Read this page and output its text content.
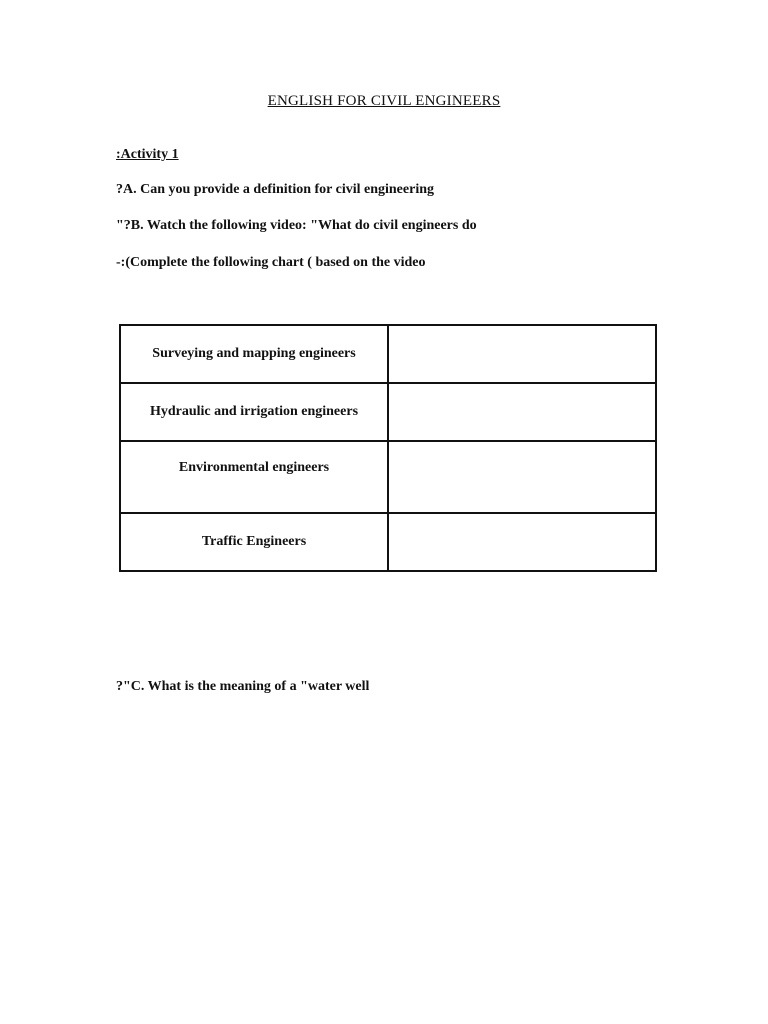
ENGLISH FOR CIVIL ENGINEERS
:Activity 1
?A. Can you provide a definition for civil engineering
"?B. Watch the following video: "What do civil engineers do
-:(Complete the following chart ( based on the video
Surveying and mapping engineers	
Hydraulic and irrigation engineers	
Environmental engineers	
Traffic Engineers	
?"C. What is the meaning of a "water well
